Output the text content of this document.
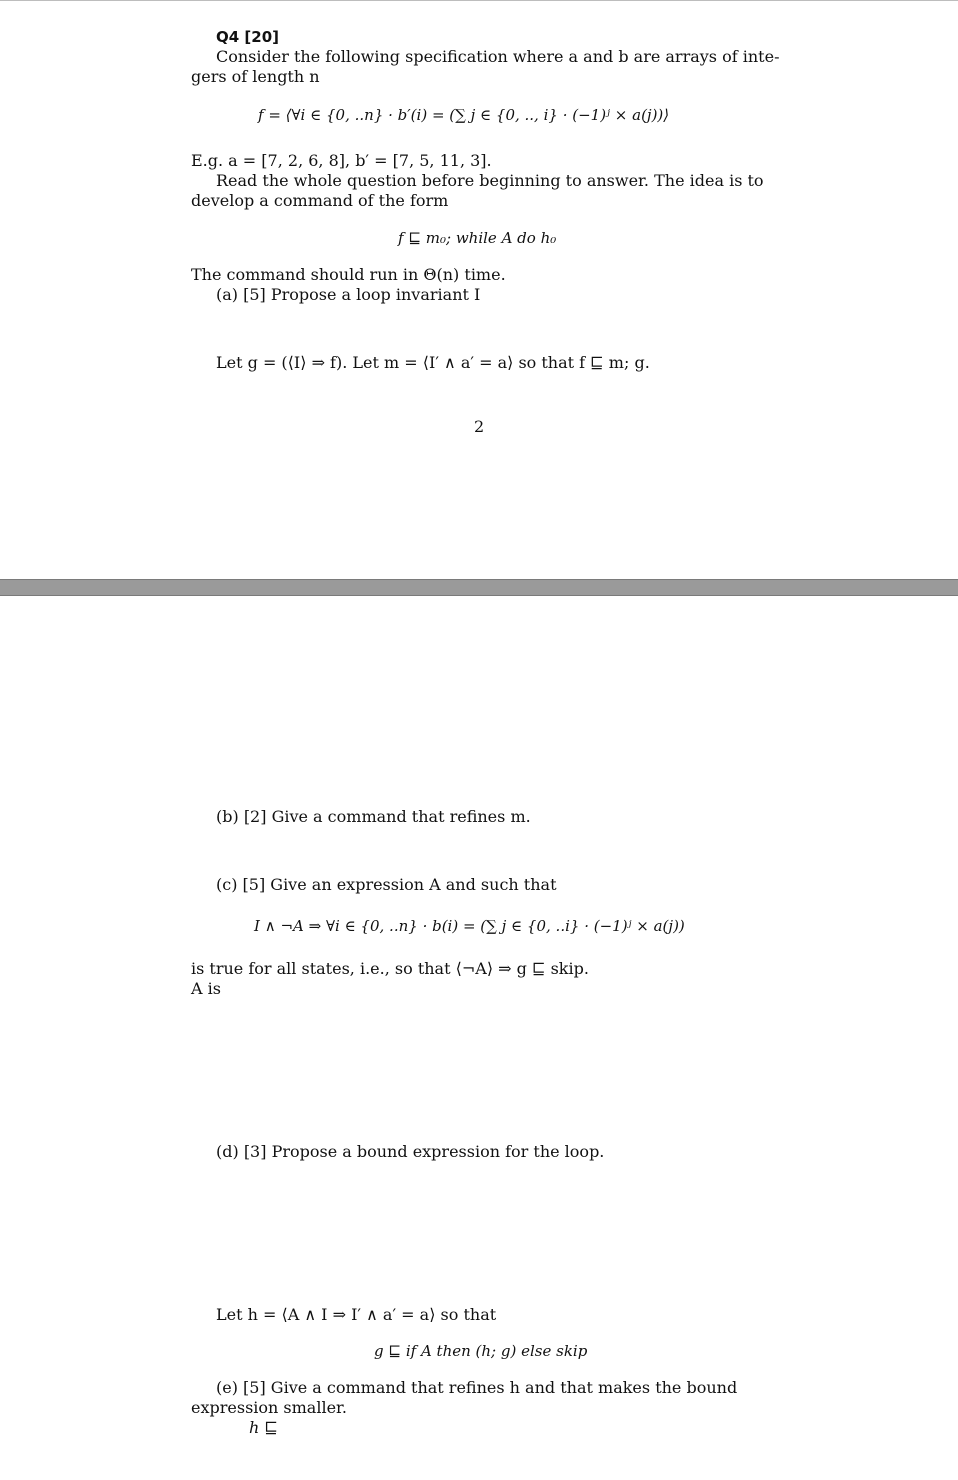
Q4 [20]
Consider the following specification where a and b are arrays of inte-
gers of length n
f = ⟨∀i ∈ {0, ..n} · b′(i) = (∑ j ∈ {0, .., i} · (−1)ʲ × a(j))⟩
E.g. a = [7, 2, 6, 8], b′ = [7, 5, 11, 3].
Read the whole question before beginning to answer. The idea is to
develop a command of the form
f ⊑ m₀; while A do h₀
The command should run in Θ(n) time.
(a) [5] Propose a loop invariant I
Let g = (⟨I⟩ ⇒ f). Let m = ⟨I′ ∧ a′ = a⟩ so that f ⊑ m; g.
2
(b) [2] Give a command that refines m.
(c) [5] Give an expression A and such that
I ∧ ¬A ⇒ ∀i ∈ {0, ..n} · b(i) = (∑ j ∈ {0, ..i} · (−1)ʲ × a(j))
is true for all states, i.e., so that ⟨¬A⟩ ⇒ g ⊑ skip.
A is
(d) [3] Propose a bound expression for the loop.
Let h = ⟨A ∧ I ⇒ I′ ∧ a′ = a⟩ so that
g ⊑ if A then (h; g) else skip
(e) [5] Give a command that refines h and that makes the bound
expression smaller.
h ⊑
